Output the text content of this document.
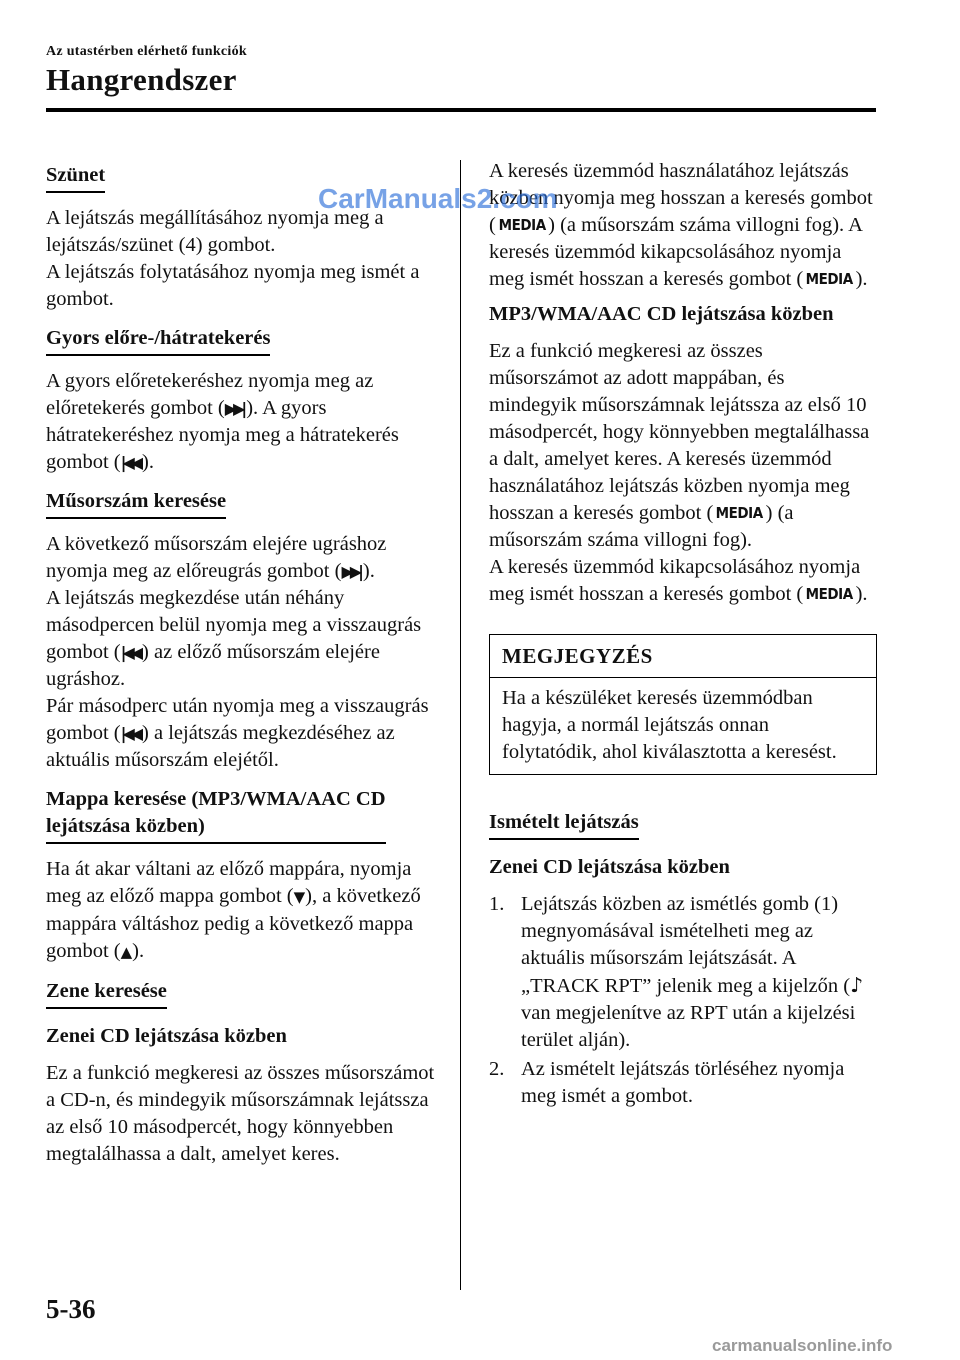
Az utastérben elérhető funkciók
Hangrendszer
Szünet

A lejátszás megállításához nyomja meg a lejátszás/szünet (4) gombot.

A lejátszás folytatásához nyomja meg ismét a gombot.

Gyors előre-/hátratekerés

A gyors előretekeréshez nyomja meg az előretekerés gombot (▶▶| ). A gyors hátratekeréshez nyomja meg a hátratekerés gombot (|◀◀ ).

Műsorszám keresése

A következő műsorszám elejére ugráshoz nyomja meg az előreugrás gombot (▶▶| ).
A lejátszás megkezdése után néhány másodpercen belül nyomja meg a visszaugrás gombot (|◀◀ ) az előző műsorszám elejére ugráshoz.
Pár másodperc után nyomja meg a visszaugrás gombot (|◀◀ ) a lejátszás megkezdéséhez az aktuális műsorszám elejétől.

Mappa keresése (MP3/WMA/AAC CD
lejátszása közben)

Ha át akar váltani az előző mappára, nyomja meg az előző mappa gombot (▼), a következő mappára váltáshoz pedig a következő mappa gombot (▲).

Zene keresése
Zenei CD lejátszása közben

Ez a funkció megkeresi az összes műsorszámot a CD-n, és mindegyik műsorszámnak lejátssza az első 10 másodpercét, hogy könnyebben megtalálhassa a dalt, amelyet keres.

A keresés üzemmód használatához lejátszás közben nyomja meg hosszan a keresés gombot ( MEDIA ) (a műsorszám száma villogni fog). A keresés üzemmód kikapcsolásához nyomja meg ismét hosszan a keresés gombot ( MEDIA ).

MP3/WMA/AAC CD lejátszása közben

Ez a funkció megkeresi az összes műsorszámot az adott mappában, és mindegyik műsorszámnak lejátssza az első 10 másodpercét, hogy könnyebben megtalálhassa a dalt, amelyet keres. A keresés üzemmód használatához lejátszás közben nyomja meg hosszan a keresés gombot ( MEDIA ) (a műsorszám száma villogni fog).
A keresés üzemmód kikapcsolásához nyomja meg ismét hosszan a keresés gombot ( MEDIA ).

MEGJEGYZÉS
Ha a készüléket keresés üzemmódban hagyja, a normál lejátszás onnan folytatódik, ahol kiválasztotta a keresést.
Ismételt lejátszás
Zenei CD lejátszása közben
1. Lejátszás közben az ismétlés gomb (1) megnyomásával ismételheti meg az aktuális műsorszám lejátszását. A „TRACK RPT” jelenik meg a kijelzőn (♪ van megjelenítve az RPT után a kijelzési terület alján).
2. Az ismételt lejátszás törléséhez nyomja meg ismét a gombot.
CarManuals2.com
5-36
carmanualsonline.info
